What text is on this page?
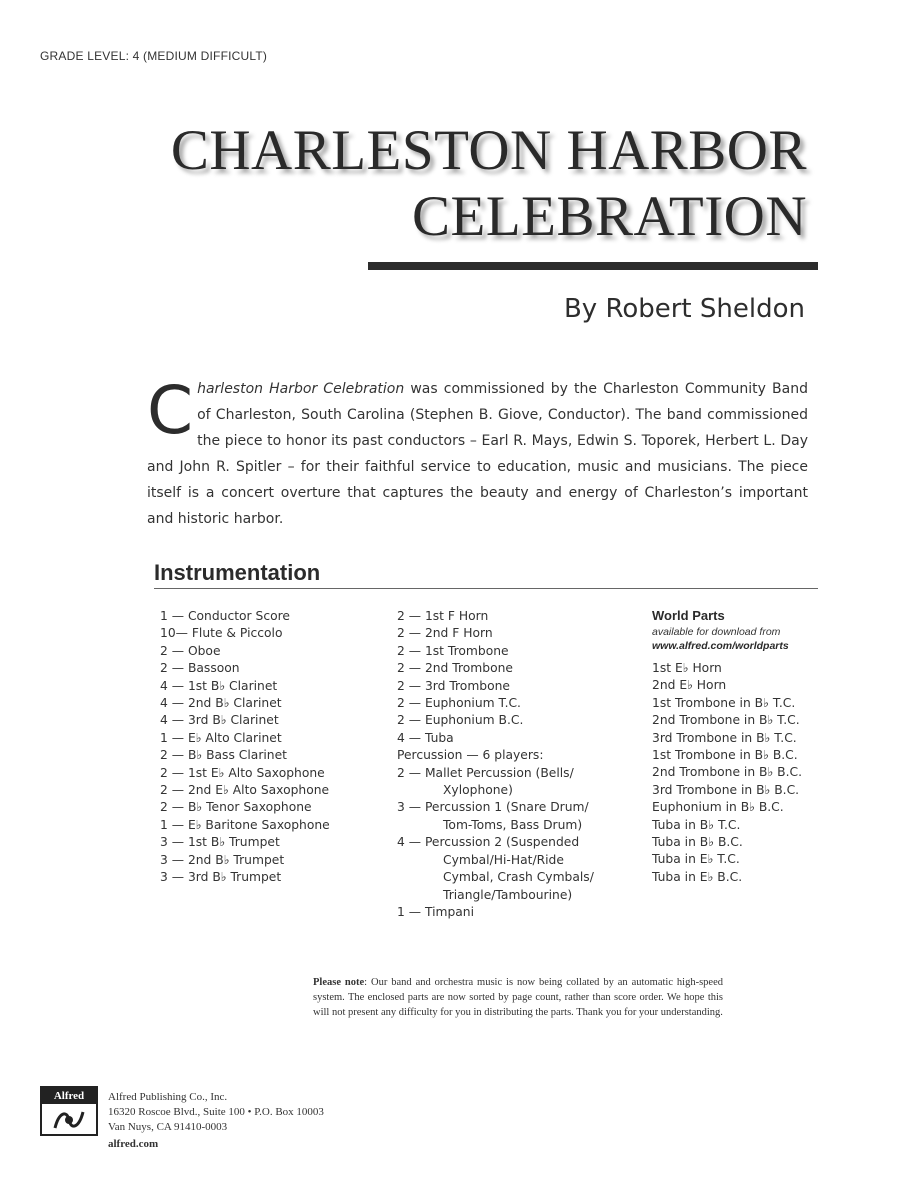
GRADE LEVEL: 4 (MEDIUM DIFFICULT)
CHARLESTON HARBOR
CELEBRATION
By Robert Sheldon

Charleston Harbor Celebration was commissioned by the Charleston Community Band of Charleston, South Carolina (Stephen B. Giove, Conductor). The band commissioned the piece to honor its past conductors – Earl R. Mays, Edwin S. Toporek, Herbert L. Day and John R. Spitler – for their faithful service to education, music and musicians. The piece itself is a concert overture that captures the beauty and energy of Charleston’s important and historic harbor.

Instrumentation
1 — Conductor Score
10— Flute & Piccolo
2 — Oboe
2 — Bassoon
4 — 1st B♭ Clarinet
4 — 2nd B♭ Clarinet
4 — 3rd B♭ Clarinet
1 — E♭ Alto Clarinet
2 — B♭ Bass Clarinet
2 — 1st E♭ Alto Saxophone
2 — 2nd E♭ Alto Saxophone
2 — B♭ Tenor Saxophone
1 — E♭ Baritone Saxophone
3 — 1st B♭ Trumpet
3 — 2nd B♭ Trumpet
3 — 3rd B♭ Trumpet
2 — 1st F Horn
2 — 2nd F Horn
2 — 1st Trombone
2 — 2nd Trombone
2 — 3rd Trombone
2 — Euphonium T.C.
2 — Euphonium B.C.
4 — Tuba
Percussion — 6 players:
2 — Mallet Percussion (Bells/
Xylophone)
3 — Percussion 1 (Snare Drum/
Tom-Toms, Bass Drum)
4 — Percussion 2 (Suspended
Cymbal/Hi-Hat/Ride
Cymbal, Crash Cymbals/
Triangle/Tambourine)
1 — Timpani
World Parts
available for download from
www.alfred.com/worldparts
1st E♭ Horn
2nd E♭ Horn
1st Trombone in B♭ T.C.
2nd Trombone in B♭ T.C.
3rd Trombone in B♭ T.C.
1st Trombone in B♭ B.C.
2nd Trombone in B♭ B.C.
3rd Trombone in B♭ B.C.
Euphonium in B♭ B.C.
Tuba in B♭ T.C.
Tuba in B♭ B.C.
Tuba in E♭ T.C.
Tuba in E♭ B.C.

Please note: Our band and orchestra music is now being collated by an automatic high-speed system. The enclosed parts are now sorted by page count, rather than score order. We hope this will not present any difficulty for you in distributing the parts. Thank you for your understanding.

Alfred	Alfred Publishing Co., Inc.
16320 Roscoe Blvd., Suite 100 • P.O. Box 10003
Van Nuys, CA 91410-0003
alfred.com
